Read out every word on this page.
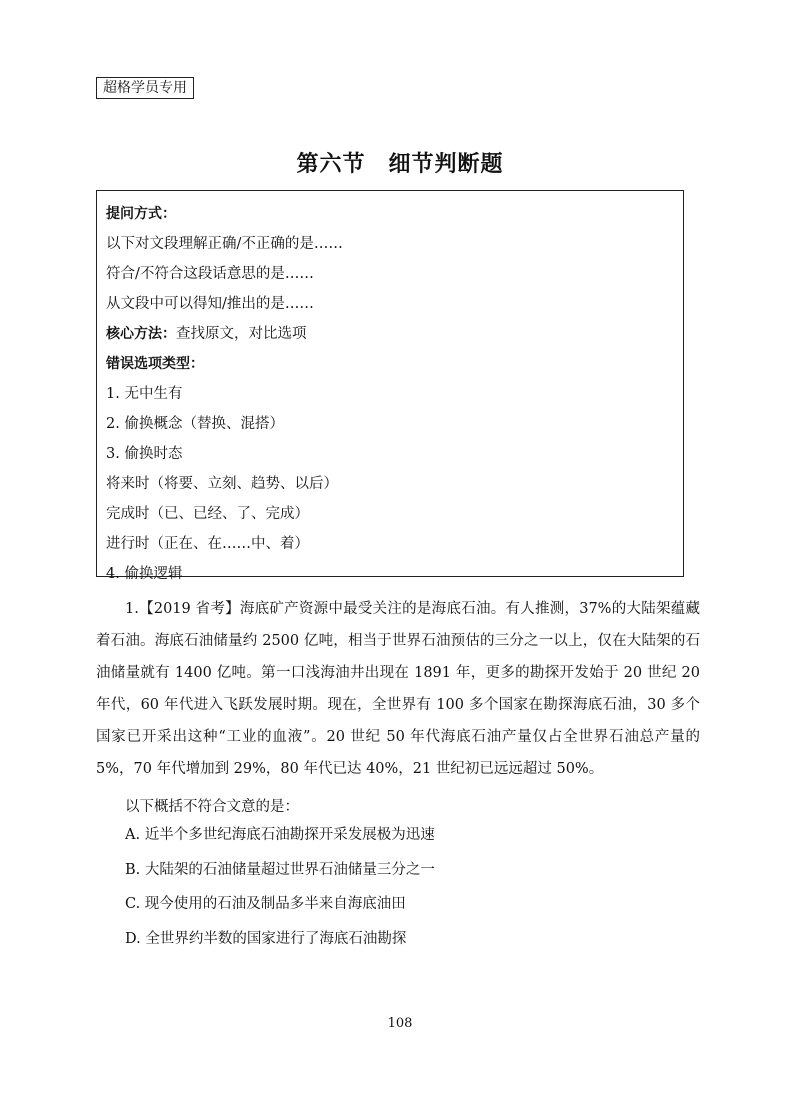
超格学员专用
第六节　细节判断题
提问方式：
以下对文段理解正确/不正确的是……
符合/不符合这段话意思的是……
从文段中可以得知/推出的是……
核心方法：查找原文，对比选项
错误选项类型：
1. 无中生有
2. 偷换概念（替换、混搭）
3. 偷换时态
将来时（将要、立刻、趋势、以后）
完成时（已、已经、了、完成）
进行时（正在、在……中、着）
4. 偷换逻辑

1.【2019 省考】海底矿产资源中最受关注的是海底石油。有人推测，37%的大陆架蕴藏着石油。海底石油储量约 2500 亿吨，相当于世界石油预估的三分之一以上，仅在大陆架的石油储量就有 1400 亿吨。第一口浅海油井出现在 1891 年，更多的勘探开发始于 20 世纪 20 年代，60 年代进入飞跃发展时期。现在，全世界有 100 多个国家在勘探海底石油，30 多个国家已开采出这种“工业的血液”。20 世纪 50 年代海底石油产量仅占全世界石油总产量的 5%，70 年代增加到 29%，80 年代已达 40%，21 世纪初已远远超过 50%。

以下概括不符合文意的是：
A. 近半个多世纪海底石油勘探开采发展极为迅速
B. 大陆架的石油储量超过世界石油储量三分之一
C. 现今使用的石油及制品多半来自海底油田
D. 全世界约半数的国家进行了海底石油勘探
108
